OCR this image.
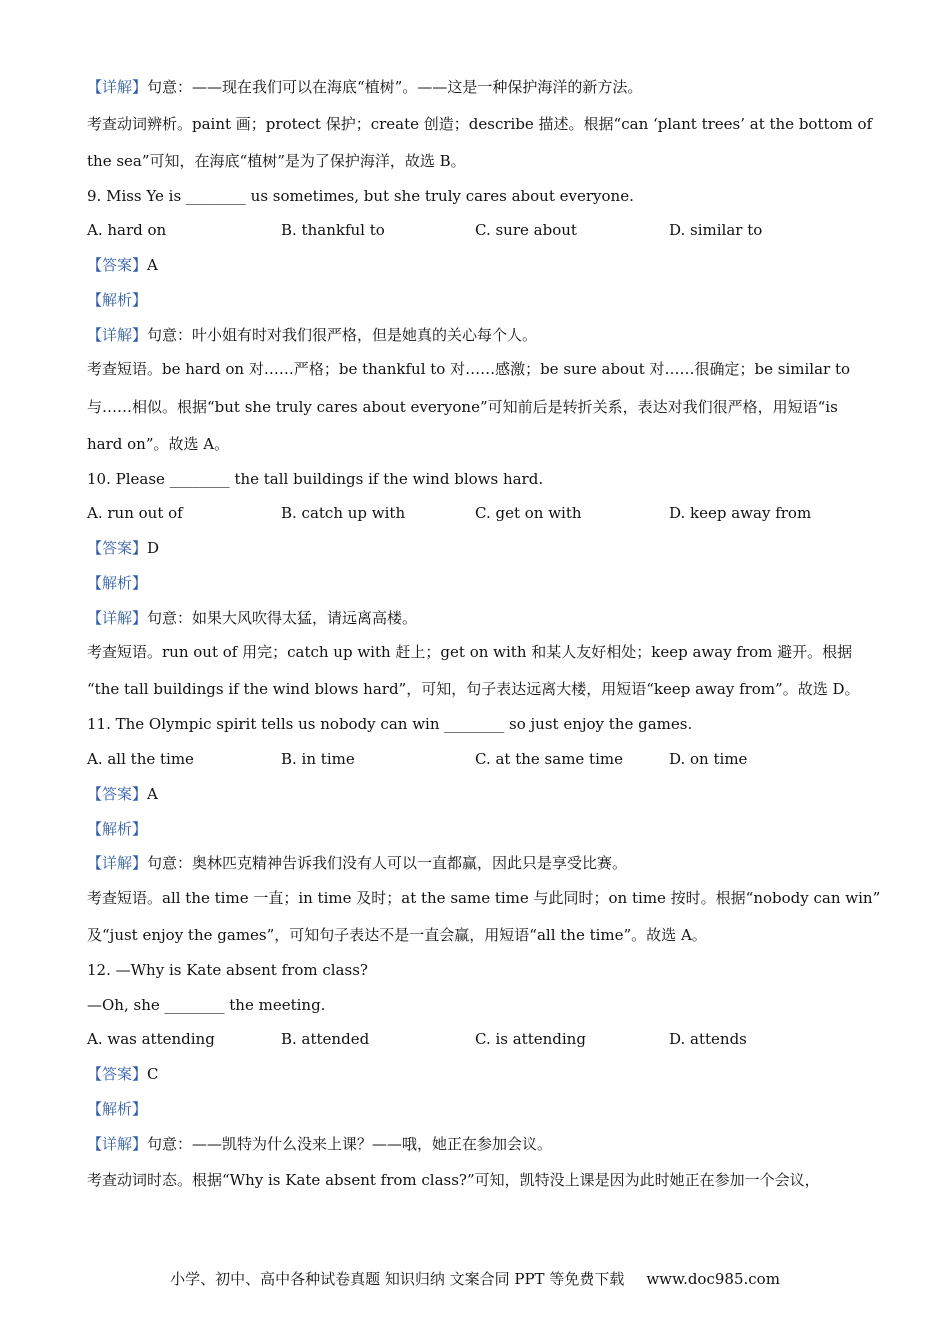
【详解】句意：——现在我们可以在海底“植树”。——这是一种保护海洋的新方法。
考查动词辨析。paint 画；protect 保护；create 创造；describe 描述。根据“can ‘plant trees’ at the bottom of
the sea”可知，在海底“植树”是为了保护海洋，故选 B。
9. Miss Ye is ________ us sometimes, but she truly cares about everyone.
A. hard on	B. thankful to	C. sure about	D. similar to
【答案】A
【解析】
【详解】句意：叶小姐有时对我们很严格，但是她真的关心每个人。
考查短语。be hard on 对……严格；be thankful to 对……感激；be sure about 对……很确定；be similar to
与……相似。根据“but she truly cares about everyone”可知前后是转折关系，表达对我们很严格，用短语“is
hard on”。故选 A。
10. Please ________ the tall buildings if the wind blows hard.
A. run out of	B. catch up with	C. get on with	D. keep away from
【答案】D
【解析】
【详解】句意：如果大风吹得太猛，请远离高楼。
考查短语。run out of 用完；catch up with 赶上；get on with 和某人友好相处；keep away from 避开。根据
“the tall buildings if the wind blows hard”，可知，句子表达远离大楼，用短语“keep away from”。故选 D。
11. The Olympic spirit tells us nobody can win ________ so just enjoy the games.
A. all the time	B. in time	C. at the same time	D. on time
【答案】A
【解析】
【详解】句意：奥林匹克精神告诉我们没有人可以一直都赢，因此只是享受比赛。
考查短语。all the time 一直；in time 及时；at the same time 与此同时；on time 按时。根据“nobody can win”
及“just enjoy the games”，可知句子表达不是一直会赢，用短语“all the time”。故选 A。
12. —Why is Kate absent from class?
—Oh, she ________ the meeting.
A. was attending	B. attended	C. is attending	D. attends
【答案】C
【解析】
【详解】句意：——凯特为什么没来上课？——哦，她正在参加会议。
考查动词时态。根据“Why is Kate absent from class?”可知，凯特没上课是因为此时她正在参加一个会议，
小学、初中、高中各种试卷真题 知识归纳 文案合同 PPT 等免费下载 www.doc985.com
